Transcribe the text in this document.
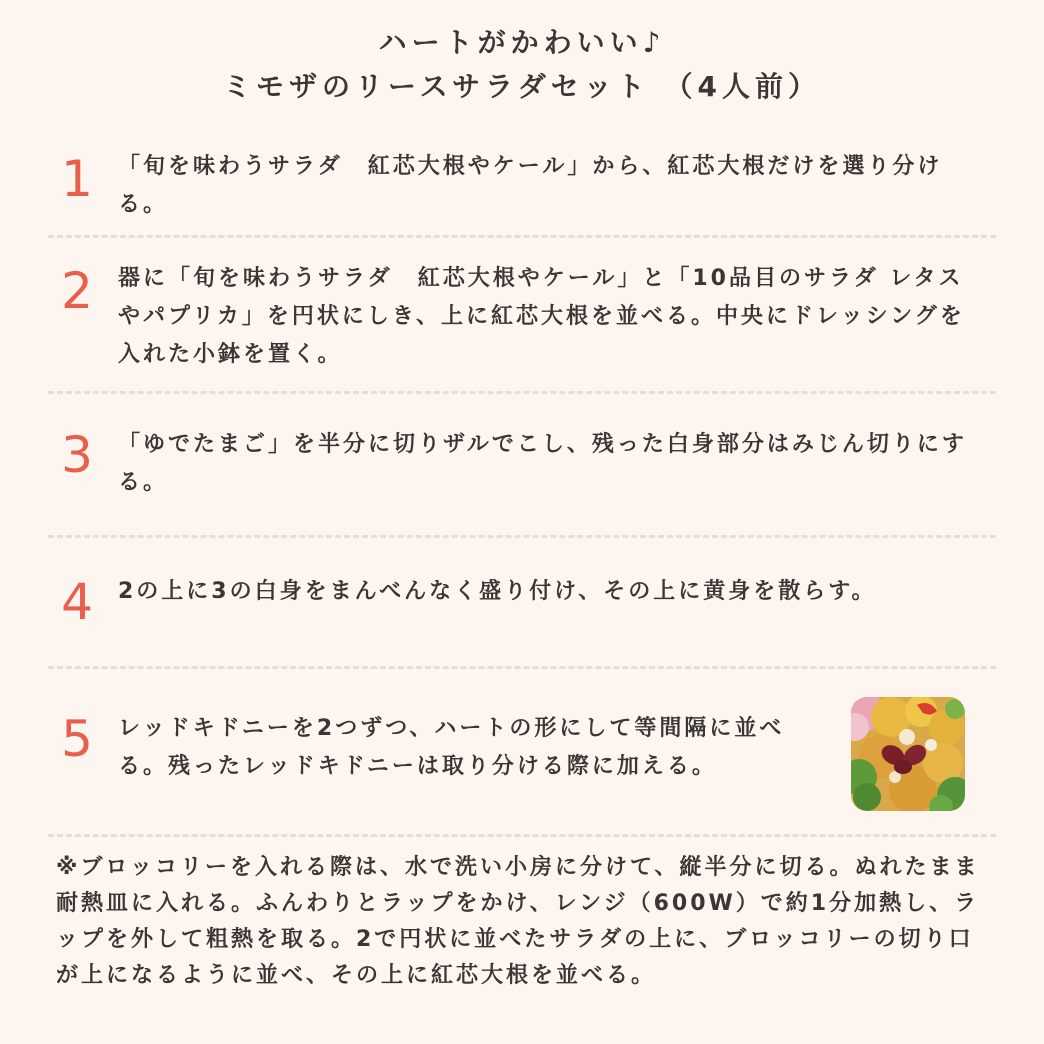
ハートがかわいい♪
ミモザのリースサラダセット （4人前）
1	「旬を味わうサラダ　紅芯大根やケール」から、紅芯大根だけを選り分ける。
2	器に「旬を味わうサラダ　紅芯大根やケール」と「10品目のサラダ レタスやパプリカ」を円状にしき、上に紅芯大根を並べる。中央にドレッシングを入れた小鉢を置く。
3	「ゆでたまご」を半分に切りザルでこし、残った白身部分はみじん切りにする。
4	2の上に3の白身をまんべんなく盛り付け、その上に黄身を散らす。
5	レッドキドニーを2つずつ、ハートの形にして等間隔に並べる。残ったレッドキドニーは取り分ける際に加える。
※ブロッコリーを入れる際は、水で洗い小房に分けて、縦半分に切る。ぬれたまま耐熱皿に入れる。ふんわりとラップをかけ、レンジ（600W）で約1分加熱し、ラップを外して粗熱を取る。2で円状に並べたサラダの上に、ブロッコリーの切り口が上になるように並べ、その上に紅芯大根を並べる。
